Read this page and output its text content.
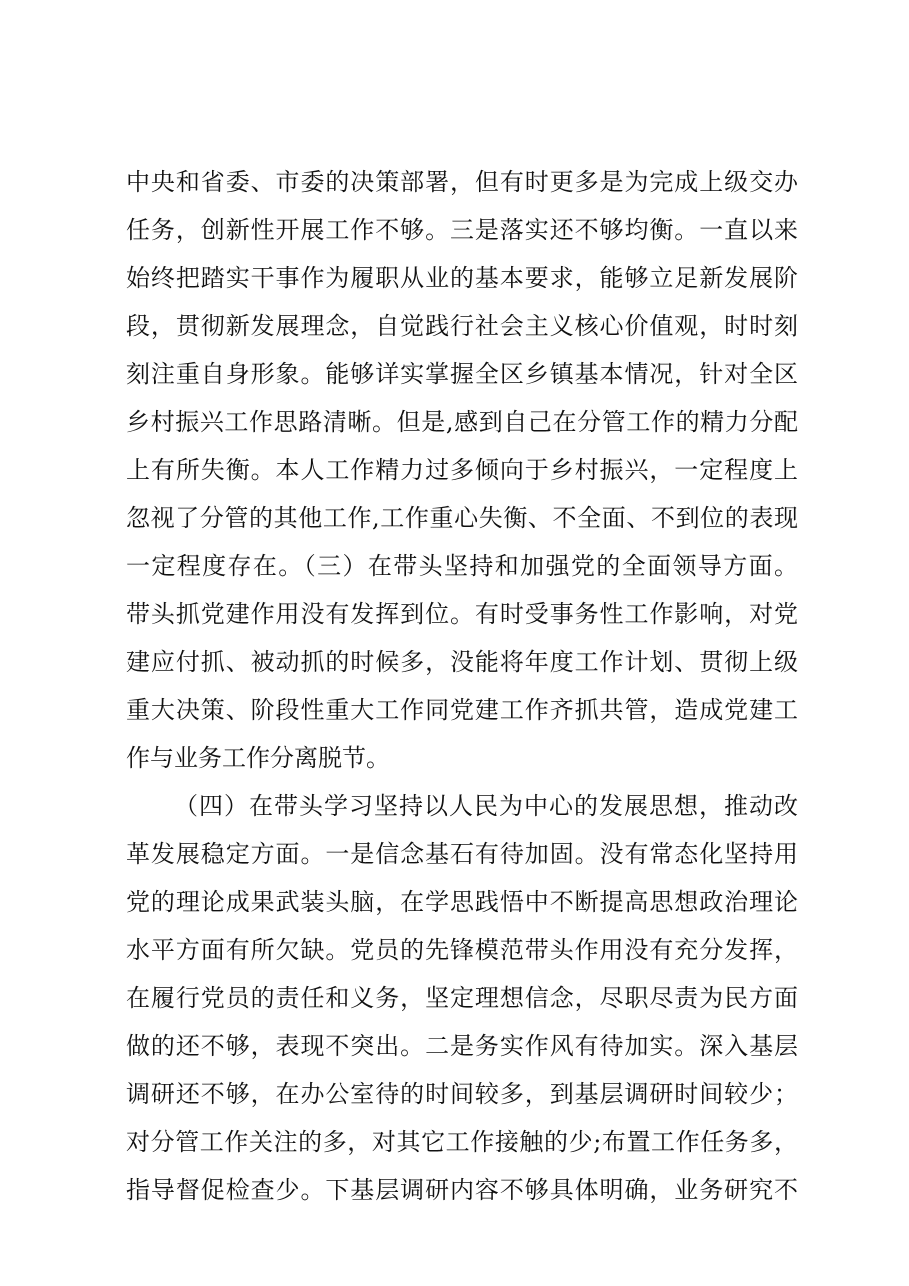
中央和省委、市委的决策部署，但有时更多是为完成上级交办
任务，创新性开展工作不够。三是落实还不够均衡。一直以来
始终把踏实干事作为履职从业的基本要求，能够立足新发展阶
段，贯彻新发展理念，自觉践行社会主义核心价值观，时时刻
刻注重自身形象。能够详实掌握全区乡镇基本情况，针对全区
乡村振兴工作思路清晰。但是,感到自己在分管工作的精力分配
上有所失衡。本人工作精力过多倾向于乡村振兴，一定程度上
忽视了分管的其他工作,工作重心失衡、不全面、不到位的表现
一定程度存在。（三）在带头坚持和加强党的全面领导方面。
带头抓党建作用没有发挥到位。有时受事务性工作影响，对党
建应付抓、被动抓的时候多，没能将年度工作计划、贯彻上级
重大决策、阶段性重大工作同党建工作齐抓共管，造成党建工
作与业务工作分离脱节。
（四）在带头学习坚持以人民为中心的发展思想，推动改
革发展稳定方面。一是信念基石有待加固。没有常态化坚持用
党的理论成果武装头脑，在学思践悟中不断提高思想政治理论
水平方面有所欠缺。党员的先锋模范带头作用没有充分发挥，
在履行党员的责任和义务，坚定理想信念，尽职尽责为民方面
做的还不够，表现不突出。二是务实作风有待加实。深入基层
调研还不够，在办公室待的时间较多，到基层调研时间较少；
对分管工作关注的多，对其它工作接触的少;布置工作任务多，
指导督促检查少。下基层调研内容不够具体明确，业务研究不
